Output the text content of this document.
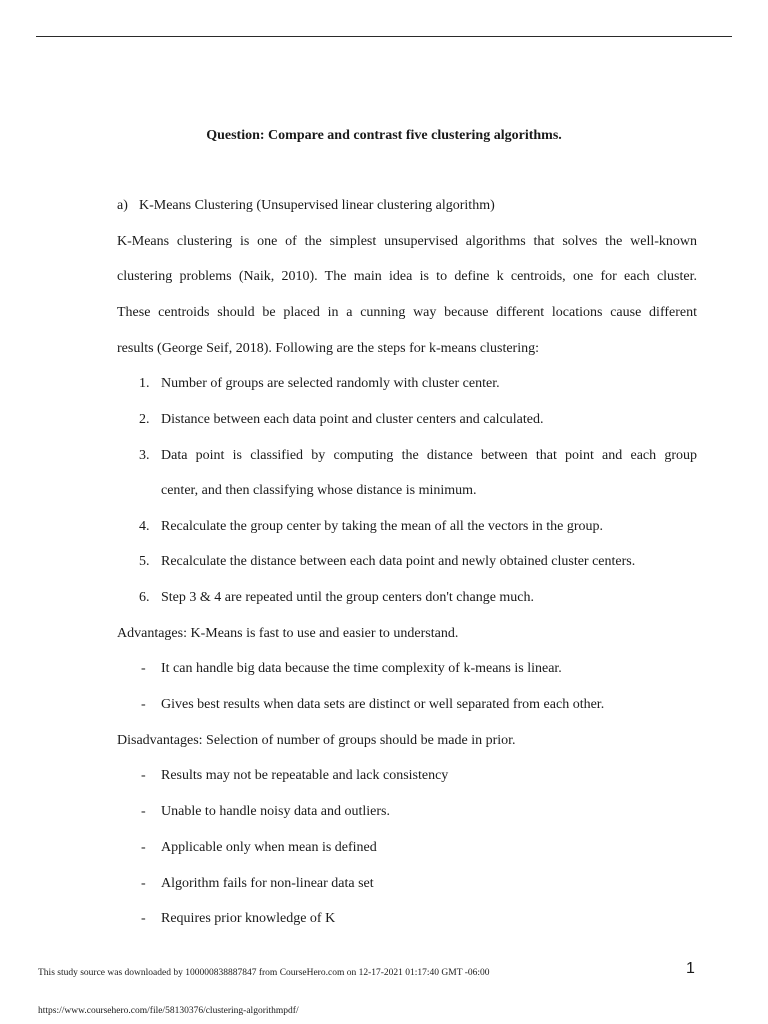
Question: Compare and contrast five clustering algorithms.
a) K-Means Clustering (Unsupervised linear clustering algorithm)
K-Means clustering is one of the simplest unsupervised algorithms that solves the well-known
clustering problems (Naik, 2010). The main idea is to define k centroids, one for each cluster.
These centroids should be placed in a cunning way because different locations cause different
results (George Seif, 2018). Following are the steps for k-means clustering:
1. Number of groups are selected randomly with cluster center.
2. Distance between each data point and cluster centers and calculated.
3. Data point is classified by computing the distance between that point and each group
center, and then classifying whose distance is minimum.
4. Recalculate the group center by taking the mean of all the vectors in the group.
5. Recalculate the distance between each data point and newly obtained cluster centers.
6. Step 3 & 4 are repeated until the group centers don't change much.
Advantages: K-Means is fast to use and easier to understand.
- It can handle big data because the time complexity of k-means is linear.
- Gives best results when data sets are distinct or well separated from each other.
Disadvantages: Selection of number of groups should be made in prior.
- Results may not be repeatable and lack consistency
- Unable to handle noisy data and outliers.
- Applicable only when mean is defined
- Algorithm fails for non-linear data set
- Requires prior knowledge of K
1
This study source was downloaded by 100000838887847 from CourseHero.com on 12-17-2021 01:17:40 GMT -06:00
https://www.coursehero.com/file/58130376/clustering-algorithmpdf/
